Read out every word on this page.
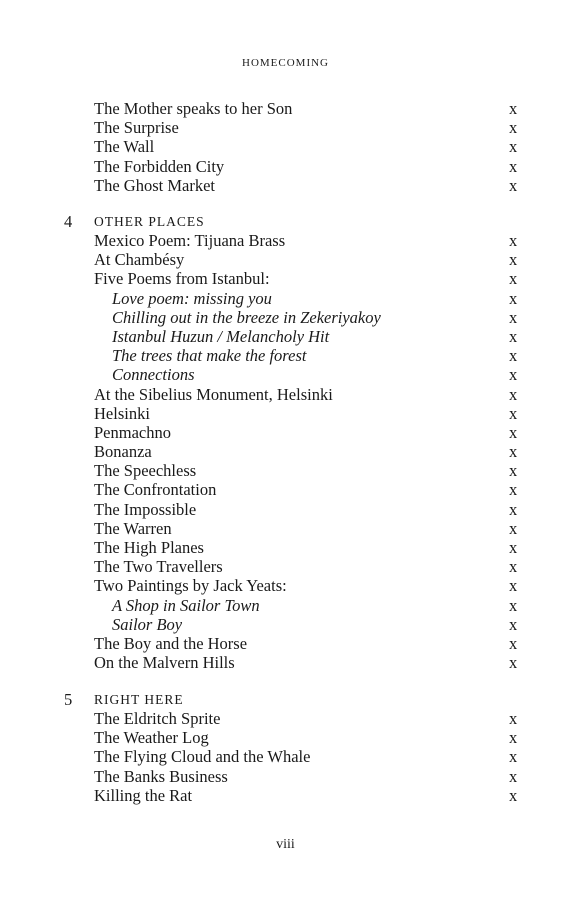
HOMECOMING
The Mother speaks to her Son	x
The Surprise	x
The Wall	x
The Forbidden City	x
The Ghost Market	x
4 OTHER PLACES
Mexico Poem: Tijuana Brass	x
At Chambésy	x
Five Poems from Istanbul:	x
Love poem: missing you	x
Chilling out in the breeze in Zekeriyakoy	x
Istanbul Huzun / Melancholy Hit	x
The trees that make the forest	x
Connections	x
At the Sibelius Monument, Helsinki	x
Helsinki	x
Penmachno	x
Bonanza	x
The Speechless	x
The Confrontation	x
The Impossible	x
The Warren	x
The High Planes	x
The Two Travellers	x
Two Paintings by Jack Yeats:	x
A Shop in Sailor Town	x
Sailor Boy	x
The Boy and the Horse	x
On the Malvern Hills	x
5 RIGHT HERE
The Eldritch Sprite	x
The Weather Log	x
The Flying Cloud and the Whale	x
The Banks Business	x
Killing the Rat	x
viii
